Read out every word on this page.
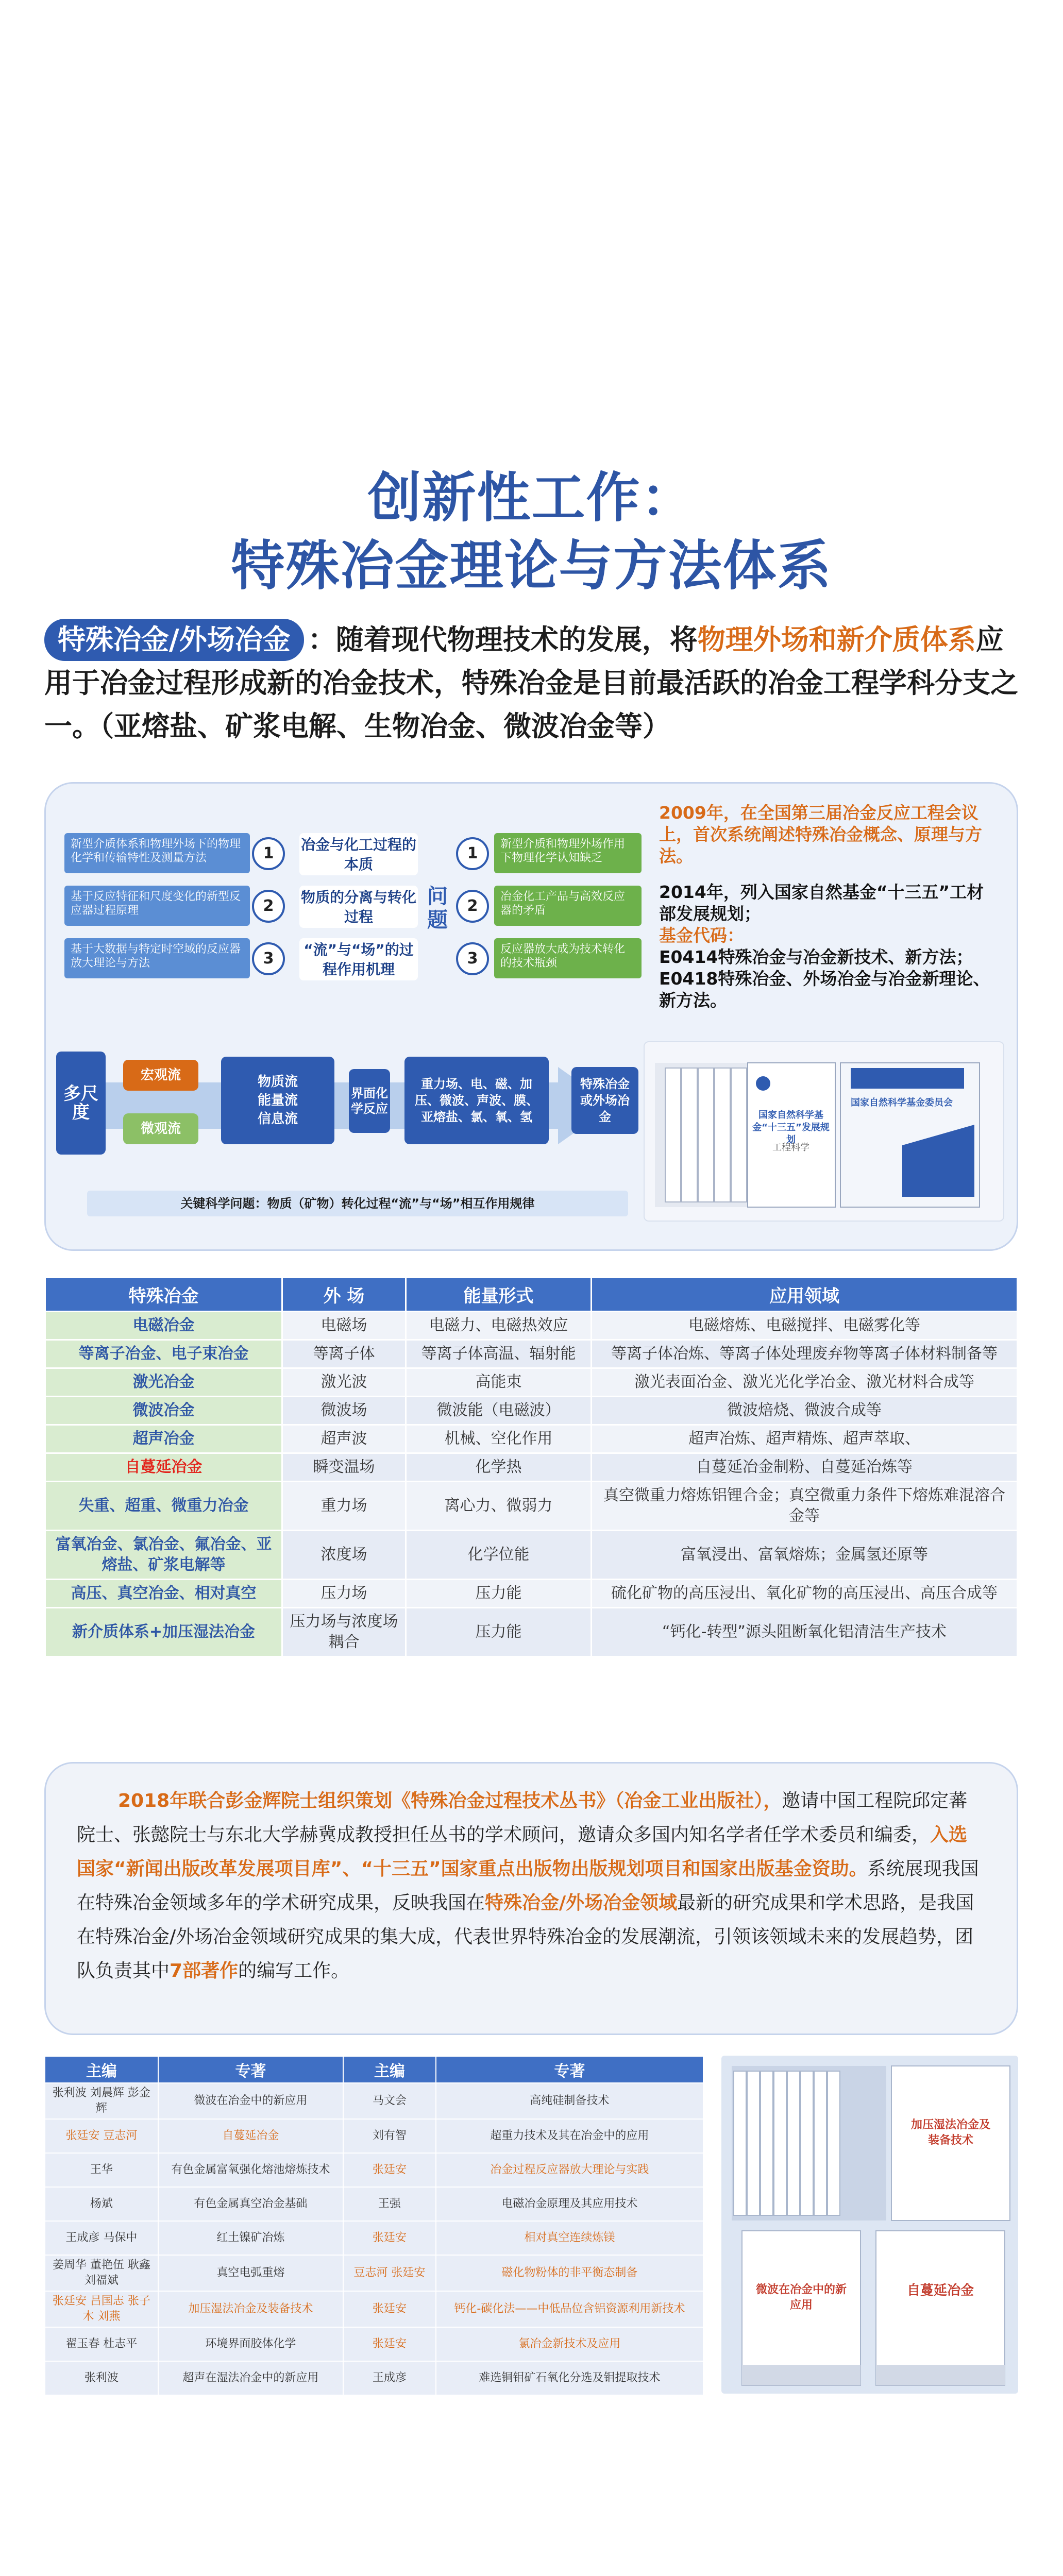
创新性工作：
特殊冶金理论与方法体系
特殊冶金/外场冶金 ：随着现代物理技术的发展，将物理外场和新介质体系应用于冶金过程形成新的冶金技术，特殊冶金是目前最活跃的冶金工程学科分支之一。（亚熔盐、矿浆电解、生物冶金、微波冶金等）
新型介质体系和物理外场下的物理化学和传输特性及测量方法
基于反应特征和尺度变化的新型反应器过程原理
基于大数据与特定时空域的反应器放大理论与方法
1
2
3
冶金与化工过程的本质
物质的分离与转化过程
“流”与“场”的过程作用机理
问题
1
2
3
新型介质和物理外场作用下物理化学认知缺乏
冶金化工产品与高效反应器的矛盾
反应器放大成为技术转化的技术瓶颈
2009年，在全国第三届冶金反应工程会议上，首次系统阐述特殊冶金概念、原理与方法。
2014年，列入国家自然基金“十三五”工材部发展规划；
基金代码：
E0414特殊冶金与冶金新技术、新方法；
E0418特殊冶金、外场冶金与冶金新理论、新方法。
多尺度
宏观流
微观流
物质流
能量流
信息流
界面化学反应
重力场、电、磁、加压、微波、声波、膜、亚熔盐、氯、氧、氢
特殊冶金或外场冶金
关键科学问题：物质（矿物）转化过程“流”与“场”相互作用规律
国家自然科学基金“十三五”发展规划
工程科学
国家自然科学基金委员会
特殊冶金	外 场	能量形式	应用领域
电磁冶金	电磁场	电磁力、电磁热效应	电磁熔炼、电磁搅拌、电磁雾化等
等离子冶金、电子束冶金	等离子体	等离子体高温、辐射能	等离子体冶炼、等离子体处理废弃物等离子体材料制备等
激光冶金	激光波	高能束	激光表面冶金、激光光化学冶金、激光材料合成等
微波冶金	微波场	微波能（电磁波）	微波焙烧、微波合成等
超声冶金	超声波	机械、空化作用	超声冶炼、超声精炼、超声萃取、
自蔓延冶金	瞬变温场	化学热	自蔓延冶金制粉、自蔓延冶炼等
失重、超重、微重力冶金	重力场	离心力、微弱力	真空微重力熔炼铝锂合金；真空微重力条件下熔炼难混溶合金等
富氧冶金、氯冶金、氟冶金、亚熔盐、矿浆电解等	浓度场	化学位能	富氧浸出、富氧熔炼；金属氢还原等
高压、真空冶金、相对真空	压力场	压力能	硫化矿物的高压浸出、氧化矿物的高压浸出、高压合成等
新介质体系+加压湿法冶金	压力场与浓度场耦合	压力能	“钙化-转型”源头阻断氧化铝清洁生产技术
2018年联合彭金辉院士组织策划《特殊冶金过程技术丛书》（冶金工业出版社），邀请中国工程院邱定蕃院士、张懿院士与东北大学赫冀成教授担任丛书的学术顾问，邀请众多国内知名学者任学术委员和编委，入选国家“新闻出版改革发展项目库”、“十三五”国家重点出版物出版规划项目和国家出版基金资助。系统展现我国在特殊冶金领域多年的学术研究成果，反映我国在特殊冶金/外场冶金领域最新的研究成果和学术思路，是我国在特殊冶金/外场冶金领域研究成果的集大成，代表世界特殊冶金的发展潮流，引领该领域未来的发展趋势，团队负责其中7部著作的编写工作。
主编	专著	主编	专著
张利波 刘晨辉 彭金辉	微波在冶金中的新应用	马文会	高纯硅制备技术
张廷安 豆志河	自蔓延冶金	刘有智	超重力技术及其在冶金中的应用
王华	有色金属富氧强化熔池熔炼技术	张廷安	冶金过程反应器放大理论与实践
杨斌	有色金属真空冶金基础	王强	电磁冶金原理及其应用技术
王成彦 马保中	红土镍矿冶炼	张廷安	相对真空连续炼镁
姜周华 董艳伍 耿鑫 刘福斌	真空电弧重熔	豆志河 张廷安	磁化物粉体的非平衡态制备
张廷安 吕国志 张子木 刘燕	加压湿法冶金及装备技术	张廷安	钙化-碳化法——中低品位含铝资源利用新技术
翟玉春 杜志平	环境界面胶体化学	张廷安	氯冶金新技术及应用
张利波	超声在湿法冶金中的新应用	王成彦	难选铜钼矿石氧化分选及钼提取技术
加压湿法冶金及装备技术
微波在冶金中的新应用
自蔓延冶金
